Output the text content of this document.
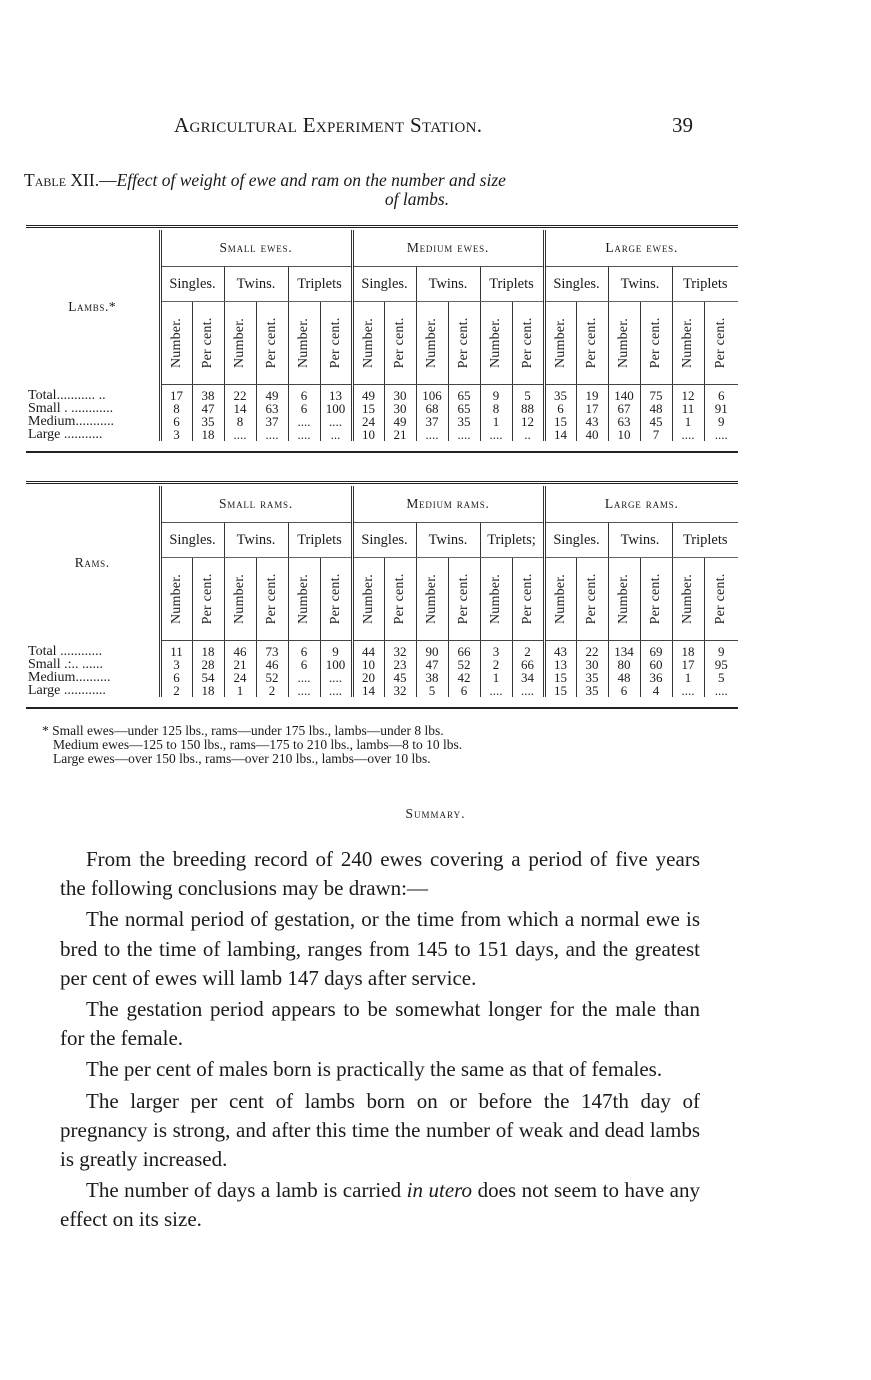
Agricultural Experiment Station.	39
Table XII.—Effect of weight of ewe and ram on the number and size
of lambs.

Lambs.*	Small ewes.						Medium ewes.						Large ewes.					
	Singles.		Twins.		Triplets		Singles.		Twins.		Triplets		Singles.		Twins.		Triplets	

	Number.	Per cent.	Number.	Per cent.	Number.	Per cent.	Number.	Per cent.	Number.	Per cent.	Number.	Per cent.	Number.	Per cent.	Number.	Per cent.	Number.	Per cent.

Total........... ..	17	38	22	49	6	13	49	30	106	65	9	5	35	19	140	75	12	6
Small . ............	8	47	14	63	6	100	15	30	68	65	8	88	6	17	67	48	11	91
Medium...........	6	35	8	37	....	....	24	49	37	35	1	12	15	43	63	45	1	9
Large ...........	3	18	....	....	....	...	10	21	....	....	....	..	14	40	10	7	....	....

Rams.	Small rams.						Medium rams.						Large rams.					
	Singles.		Twins.		Triplets		Singles.		Twins.		Triplets;		Singles.		Twins.		Triplets	

	Number.	Per cent.	Number.	Per cent.	Number.	Per cent.	Number.	Per cent.	Number.	Per cent.	Number.	Per cent.	Number.	Per cent.	Number.	Per cent.	Number.	Per cent.

Total ............	11	18	46	73	6	9	44	32	90	66	3	2	43	22	134	69	18	9
Small .:.. ......	3	28	21	46	6	100	10	23	47	52	2	66	13	30	80	60	17	95
Medium..........	6	54	24	52	....	....	20	45	38	42	1	34	15	35	48	36	1	5
Large ............	2	18	1	2	....	....	14	32	5	6	....	....	15	35	6	4	....	....

* Small ewes—under 125 lbs., rams—under 175 lbs., lambs—under 8 lbs.
Medium ewes—125 to 150 lbs., rams—175 to 210 lbs., lambs—8 to 10 lbs.
Large ewes—over 150 lbs., rams—over 210 lbs., lambs—over 10 lbs.
Summary.

From the breeding record of 240 ewes covering a period of five years the following conclusions may be drawn:—

The normal period of gestation, or the time from which a normal ewe is bred to the time of lambing, ranges from 145 to 151 days, and the greatest per cent of ewes will lamb 147 days after service.

The gestation period appears to be somewhat longer for the male than for the female.

The per cent of males born is practically the same as that of females.

The larger per cent of lambs born on or before the 147th day of pregnancy is strong, and after this time the number of weak and dead lambs is greatly increased.

The number of days a lamb is carried in utero does not seem to have any effect on its size.
